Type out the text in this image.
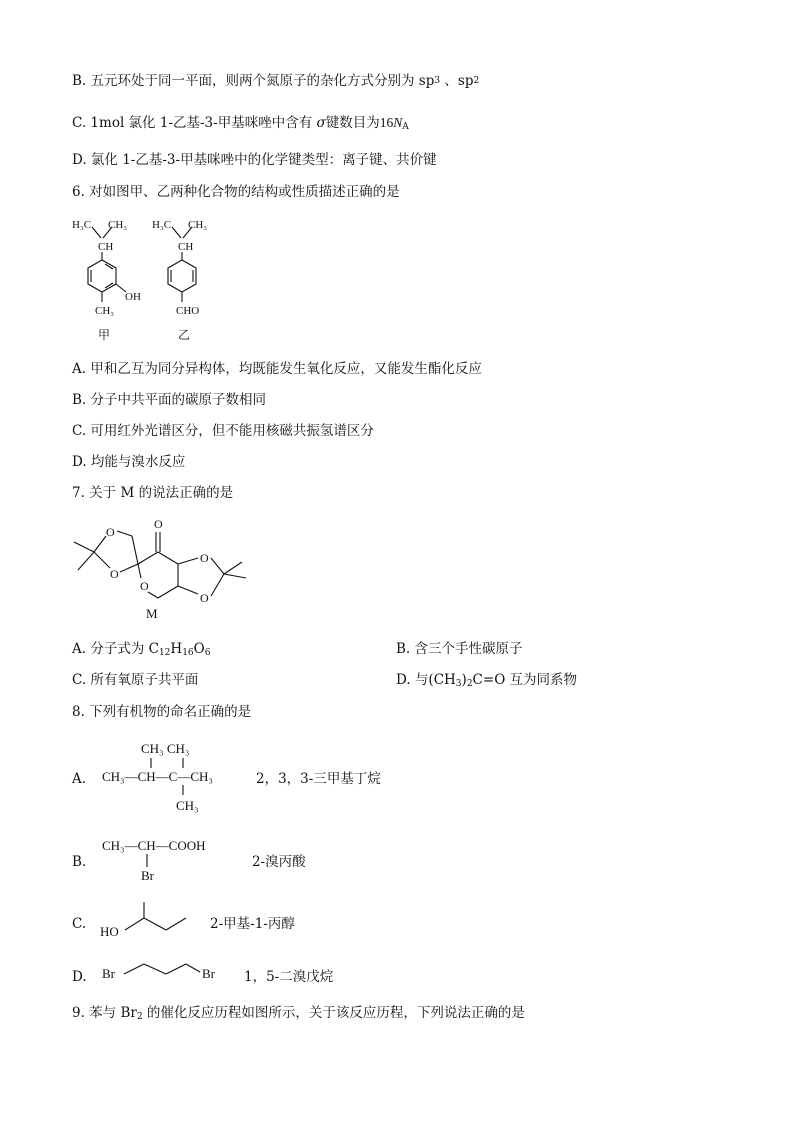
B. 五元环处于同一平面，则两个氮原子的杂化方式分别为 $sp^3$ 、$sp^2$
C. 1mol 氯化 1-乙基-3-甲基咪唑中含有 σ键数目为$16N_A$
D. 氯化 1-乙基-3-甲基咪唑中的化学键类型：离子键、共价键
6. 对如图甲、乙两种化合物的结构或性质描述正确的是
H₃C CH₃
CH
OH
CH₃
甲
H₃C CH₃
CH
CHO
乙
A. 甲和乙互为同分异构体，均既能发生氧化反应，又能发生酯化反应
B. 分子中共平面的碳原子数相同
C. 可用红外光谱区分，但不能用核磁共振氢谱区分
D. 均能与溴水反应
7. 关于 M 的说法正确的是
O
O
O
O
O
O
M
A. 分子式为 $C_{12}H_{16}O_6$	B. 含三个手性碳原子
C. 所有氧原子共平面	D. 与$(CH_3)_2C=O$ 互为同系物
8. 下列有机物的命名正确的是
A.
CH₃ CH₃
CH₃—CH—C—CH₃
CH₃
2，3，3-三甲基丁烷
B.
CH₃—CH—COOH
Br
2-溴丙酸
C. HO	2-甲基-1-丙醇
D. Br	Br 1，5-二溴戊烷
9. 苯与 $Br_2$ 的催化反应历程如图所示，关于该反应历程，下列说法正确的是
